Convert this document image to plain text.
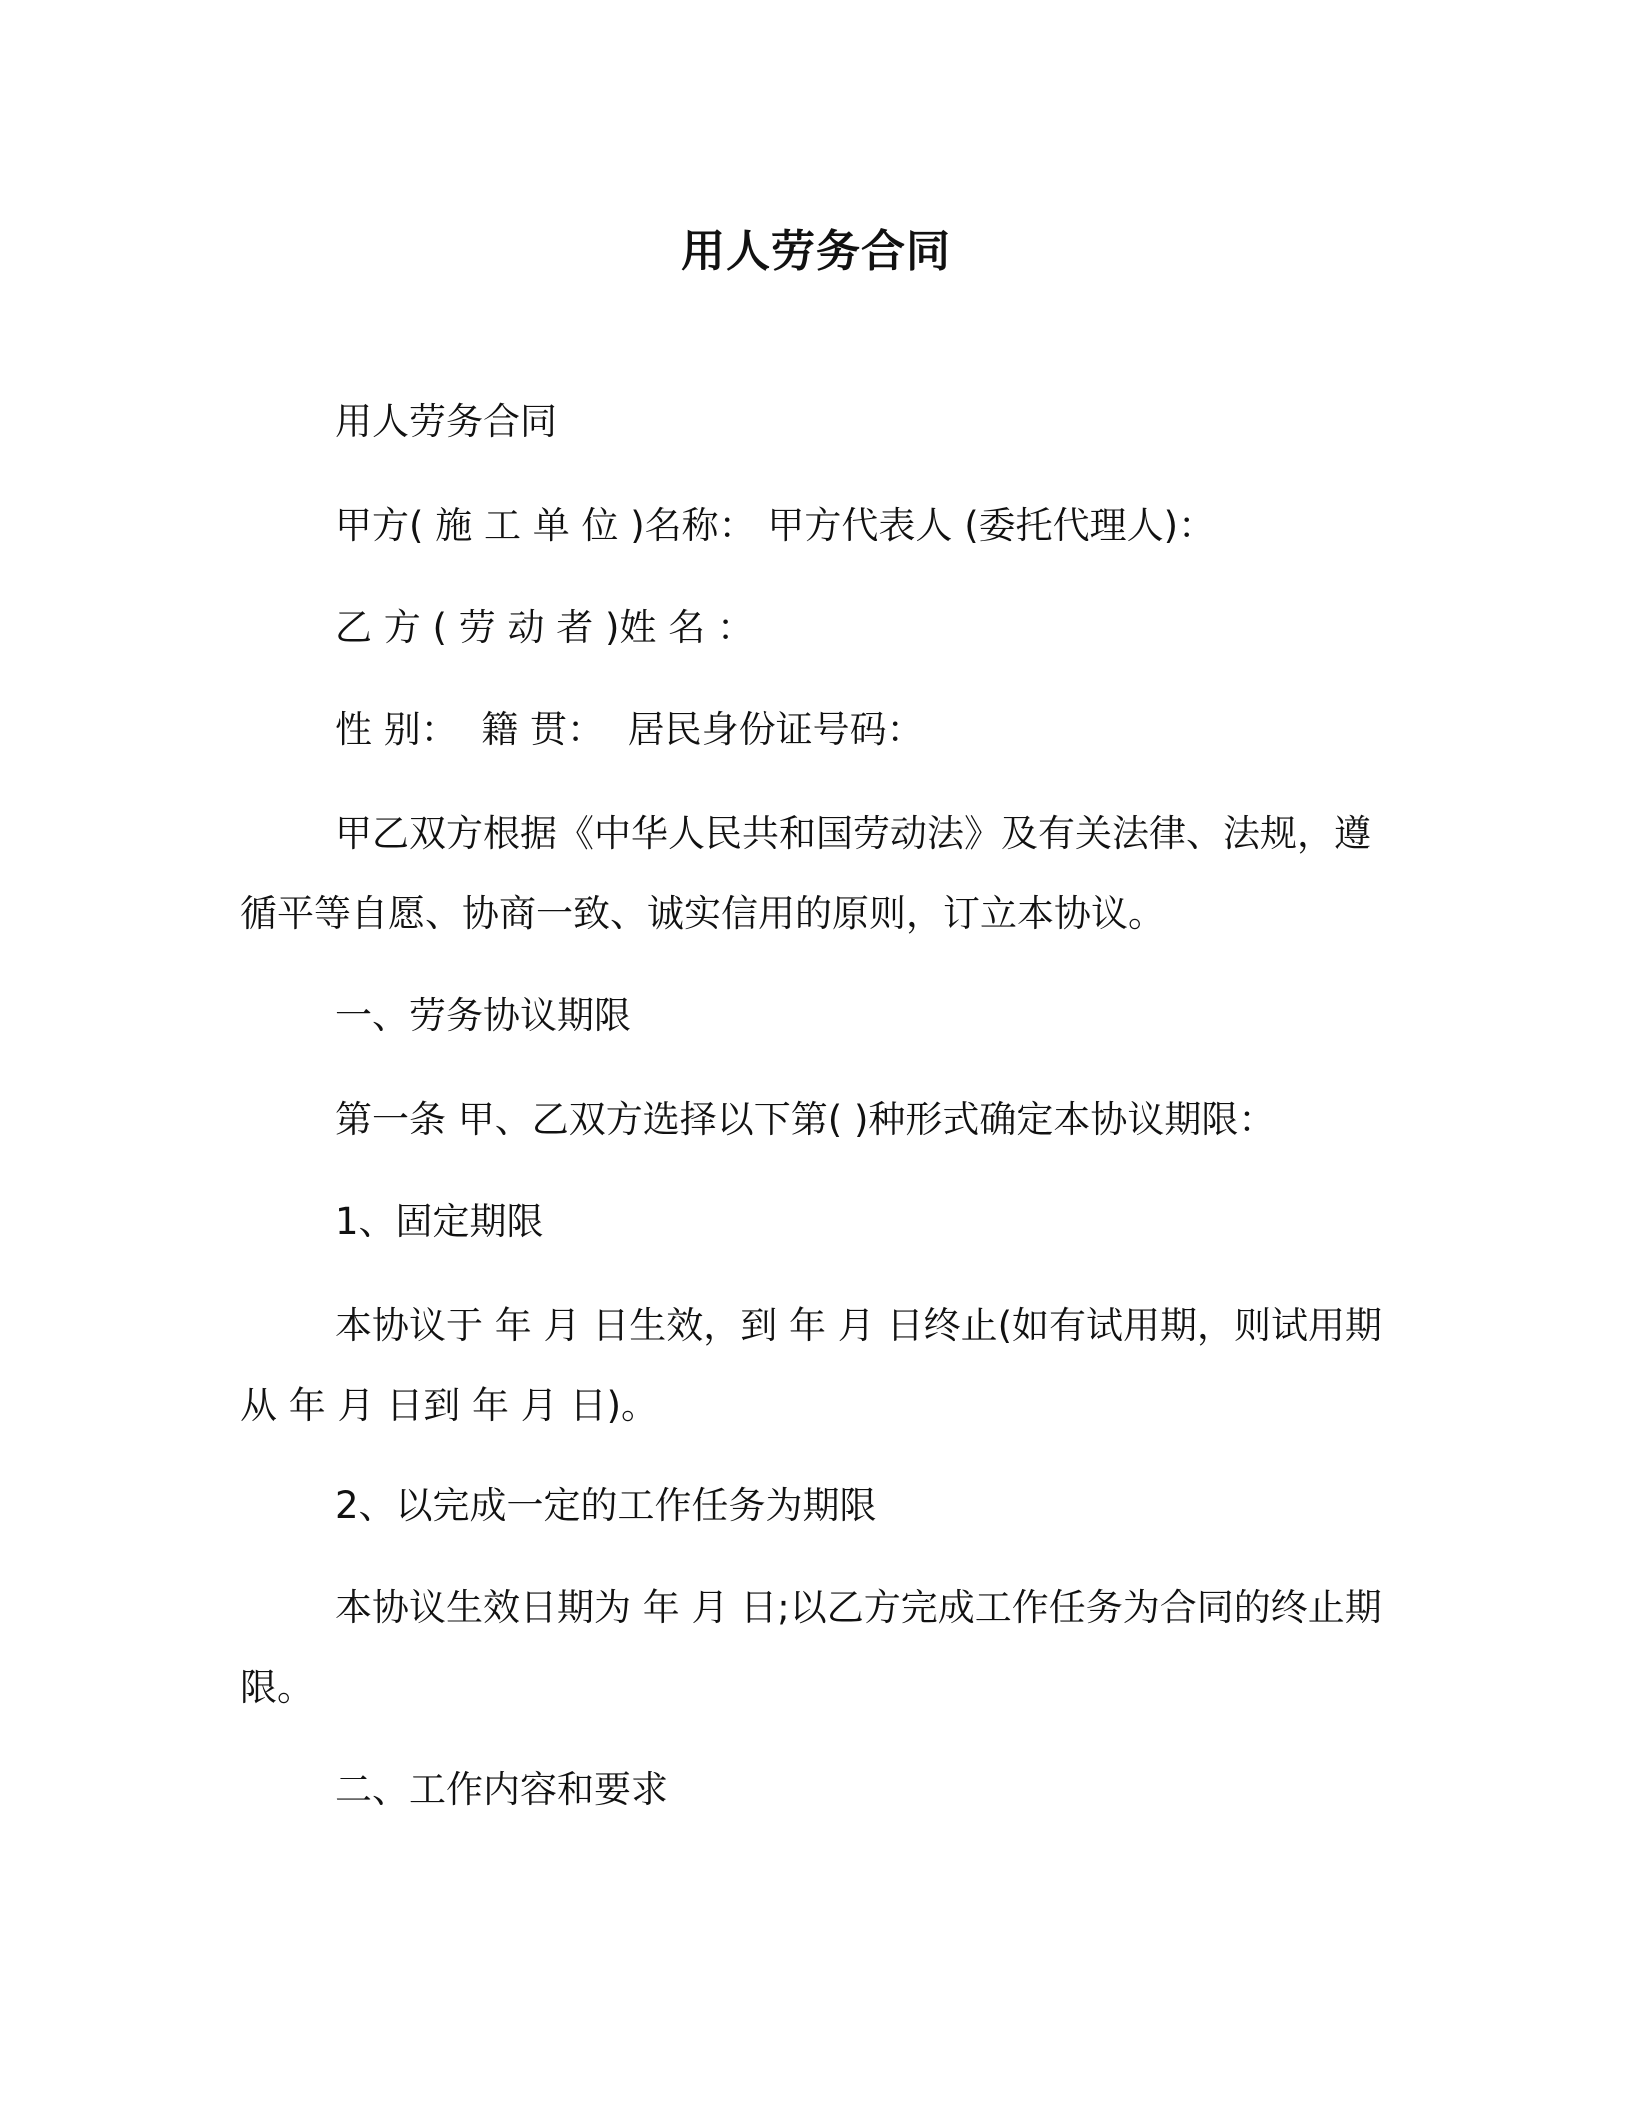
用人劳务合同
用人劳务合同
甲方( 施 工 单 位 )名称： 甲方代表人 (委托代理人)：
乙 方 ( 劳 动 者 )姓 名 ：
性 别：  籍 贯：  居民身份证号码：
甲乙双方根据《中华人民共和国劳动法》及有关法律、法规，遵循平等自愿、协商一致、诚实信用的原则，订立本协议。
一、劳务协议期限
第一条 甲、乙双方选择以下第( )种形式确定本协议期限：
1、固定期限
本协议于 年 月 日生效，到 年 月 日终止(如有试用期，则试用期从 年 月 日到 年 月 日)。
2、以完成一定的工作任务为期限
本协议生效日期为 年 月 日;以乙方完成工作任务为合同的终止期限。
二、工作内容和要求
